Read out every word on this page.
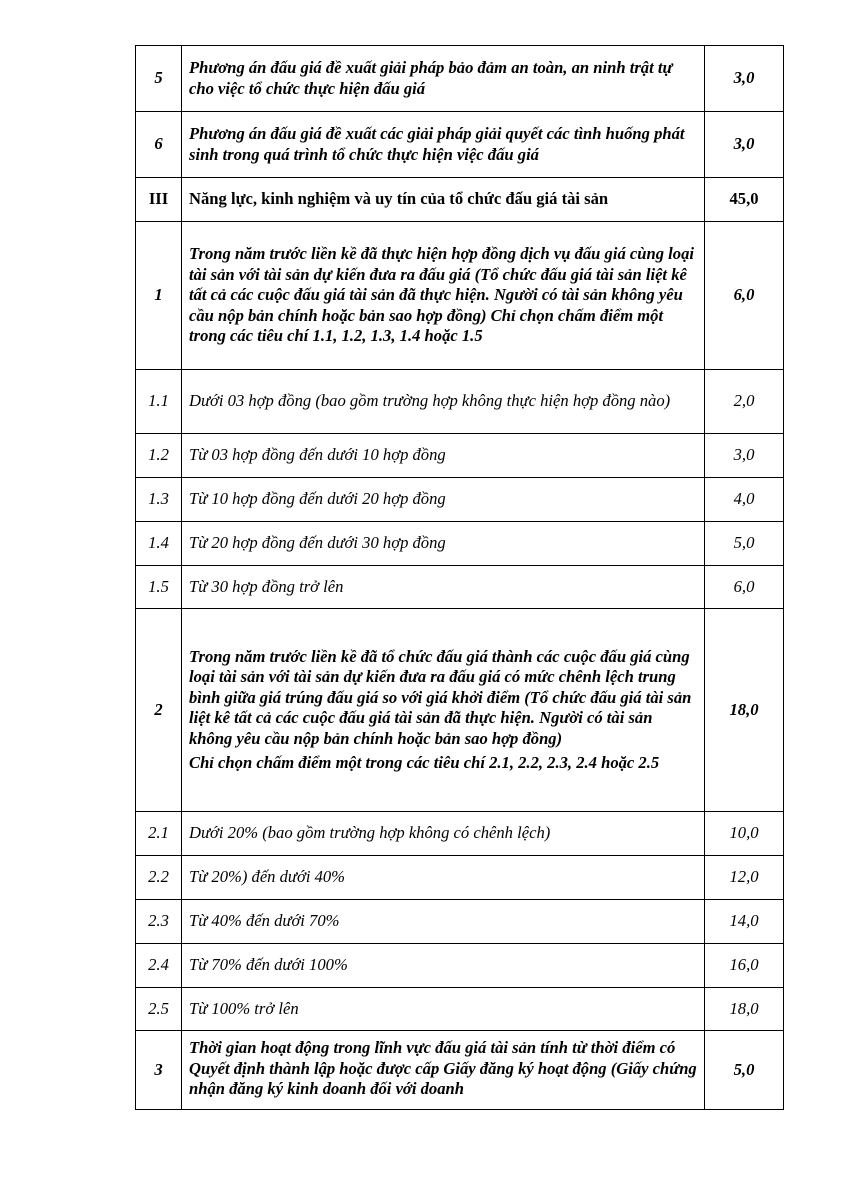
5	Phương án đấu giá đề xuất giải pháp bảo đảm an toàn, an ninh trật tự cho việc tổ chức thực hiện đấu giá	3,0
6	Phương án đấu giá đề xuất các giải pháp giải quyết các tình huống phát sinh trong quá trình tổ chức thực hiện việc đấu giá	3,0
III	Năng lực, kinh nghiệm và uy tín của tổ chức đấu giá tài sản	45,0
1	Trong năm trước liền kề đã thực hiện hợp đồng dịch vụ đấu giá cùng loại tài sản với tài sản dự kiến đưa ra đấu giá (Tổ chức đấu giá tài sản liệt kê tất cả các cuộc đấu giá tài sản đã thực hiện. Người có tài sản không yêu cầu nộp bản chính hoặc bản sao hợp đồng) Chỉ chọn chấm điểm một trong các tiêu chí 1.1, 1.2, 1.3, 1.4 hoặc 1.5	6,0
1.1	Dưới 03 hợp đồng (bao gồm trường hợp không thực hiện hợp đồng nào)	2,0
1.2	Từ 03 hợp đồng đến dưới 10 hợp đồng	3,0
1.3	Từ 10 hợp đồng đến dưới 20 hợp đồng	4,0
1.4	Từ 20 hợp đồng đến dưới 30 hợp đồng	5,0
1.5	Từ 30 hợp đồng trở lên	6,0
2	Trong năm trước liền kề đã tổ chức đấu giá thành các cuộc đấu giá cùng loại tài sản với tài sản dự kiến đưa ra đấu giá có mức chênh lệch trung bình giữa giá trúng đấu giá so với giá khởi điểm (Tổ chức đấu giá tài sản liệt kê tất cả các cuộc đấu giá tài sản đã thực hiện. Người có tài sản không yêu cầu nộp bản chính hoặc bản sao hợp đồng)
Chỉ chọn chấm điểm một trong các tiêu chí 2.1, 2.2, 2.3, 2.4 hoặc 2.5	18,0
2.1	Dưới 20% (bao gồm trường hợp không có chênh lệch)	10,0
2.2	Từ 20%) đến dưới 40%	12,0
2.3	Từ 40% đến dưới 70%	14,0
2.4	Từ 70% đến dưới 100%	16,0
2.5	Từ 100% trở lên	18,0
3	Thời gian hoạt động trong lĩnh vực đấu giá tài sản tính từ thời điểm có Quyết định thành lập hoặc được cấp Giấy đăng ký hoạt động (Giấy chứng nhận đăng ký kinh doanh đối với doanh	5,0
